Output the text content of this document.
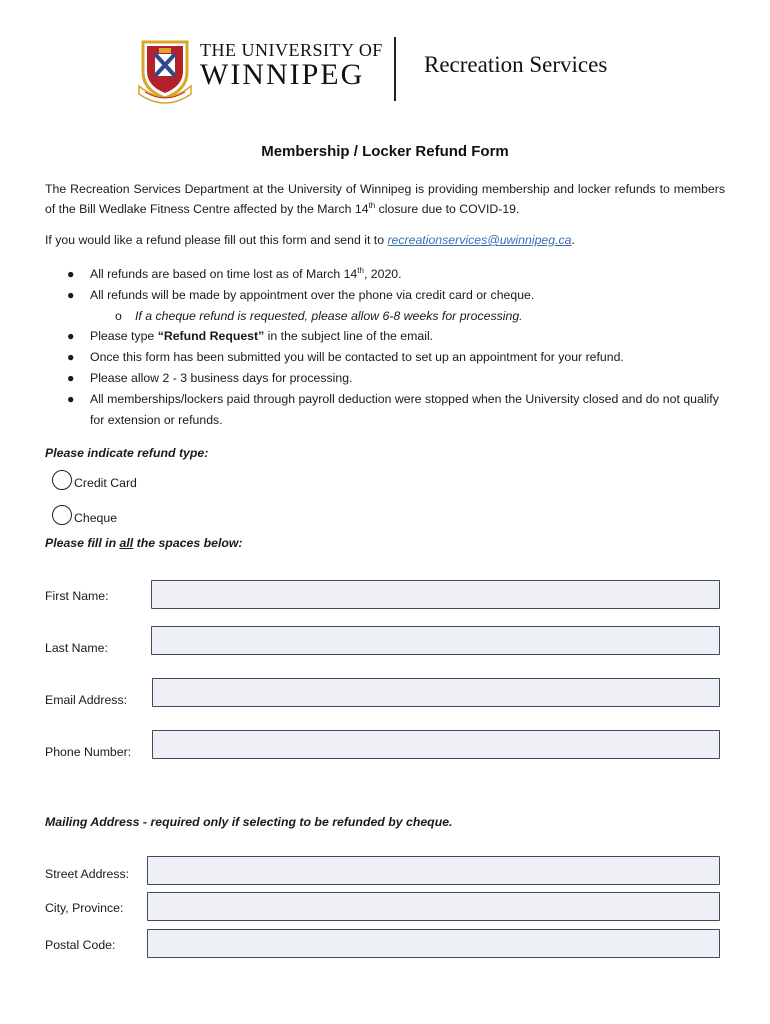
THE UNIVERSITY OF
WINNIPEG	Recreation Services
Membership / Locker Refund Form
The Recreation Services Department at the University of Winnipeg is providing membership and locker refunds to members of the Bill Wedlake Fitness Centre affected by the March 14th closure due to COVID-19.
If you would like a refund please fill out this form and send it to recreationservices@uwinnipeg.ca.
● All refunds are based on time lost as of March 14th, 2020.
● All refunds will be made by appointment over the phone via credit card or cheque.
o If a cheque refund is requested, please allow 6-8 weeks for processing.
● Please type “Refund Request” in the subject line of the email.
● Once this form has been submitted you will be contacted to set up an appointment for your refund.
● Please allow 2 - 3 business days for processing.
● All memberships/lockers paid through payroll deduction were stopped when the University closed and do not qualify for extension or refunds.
Please indicate refund type:
Credit Card
Cheque
Please fill in all the spaces below:
First Name:
Last Name:
Email Address:
Phone Number:
Mailing Address - required only if selecting to be refunded by cheque.
Street Address:
City, Province:
Postal Code:
